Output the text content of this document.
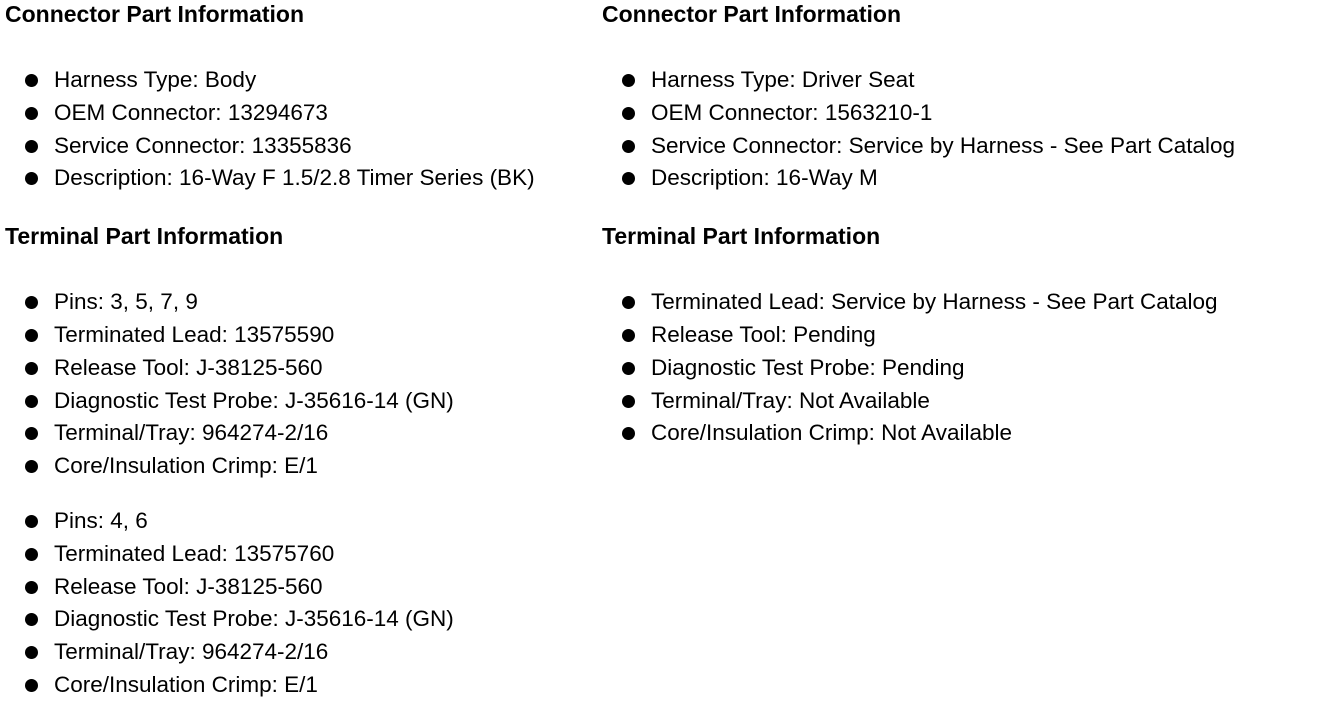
Connector Part Information
Harness Type: Body
OEM Connector: 13294673
Service Connector: 13355836
Description: 16-Way F 1.5/2.8 Timer Series (BK)
Terminal Part Information
Pins: 3, 5, 7, 9
Terminated Lead: 13575590
Release Tool: J-38125-560
Diagnostic Test Probe: J-35616-14 (GN)
Terminal/Tray: 964274-2/16
Core/Insulation Crimp: E/1
Pins: 4, 6
Terminated Lead: 13575760
Release Tool: J-38125-560
Diagnostic Test Probe: J-35616-14 (GN)
Terminal/Tray: 964274-2/16
Core/Insulation Crimp: E/1
Connector Part Information
Harness Type: Driver Seat
OEM Connector: 1563210-1
Service Connector: Service by Harness - See Part Catalog
Description: 16-Way M
Terminal Part Information
Terminated Lead: Service by Harness - See Part Catalog
Release Tool: Pending
Diagnostic Test Probe: Pending
Terminal/Tray: Not Available
Core/Insulation Crimp: Not Available
